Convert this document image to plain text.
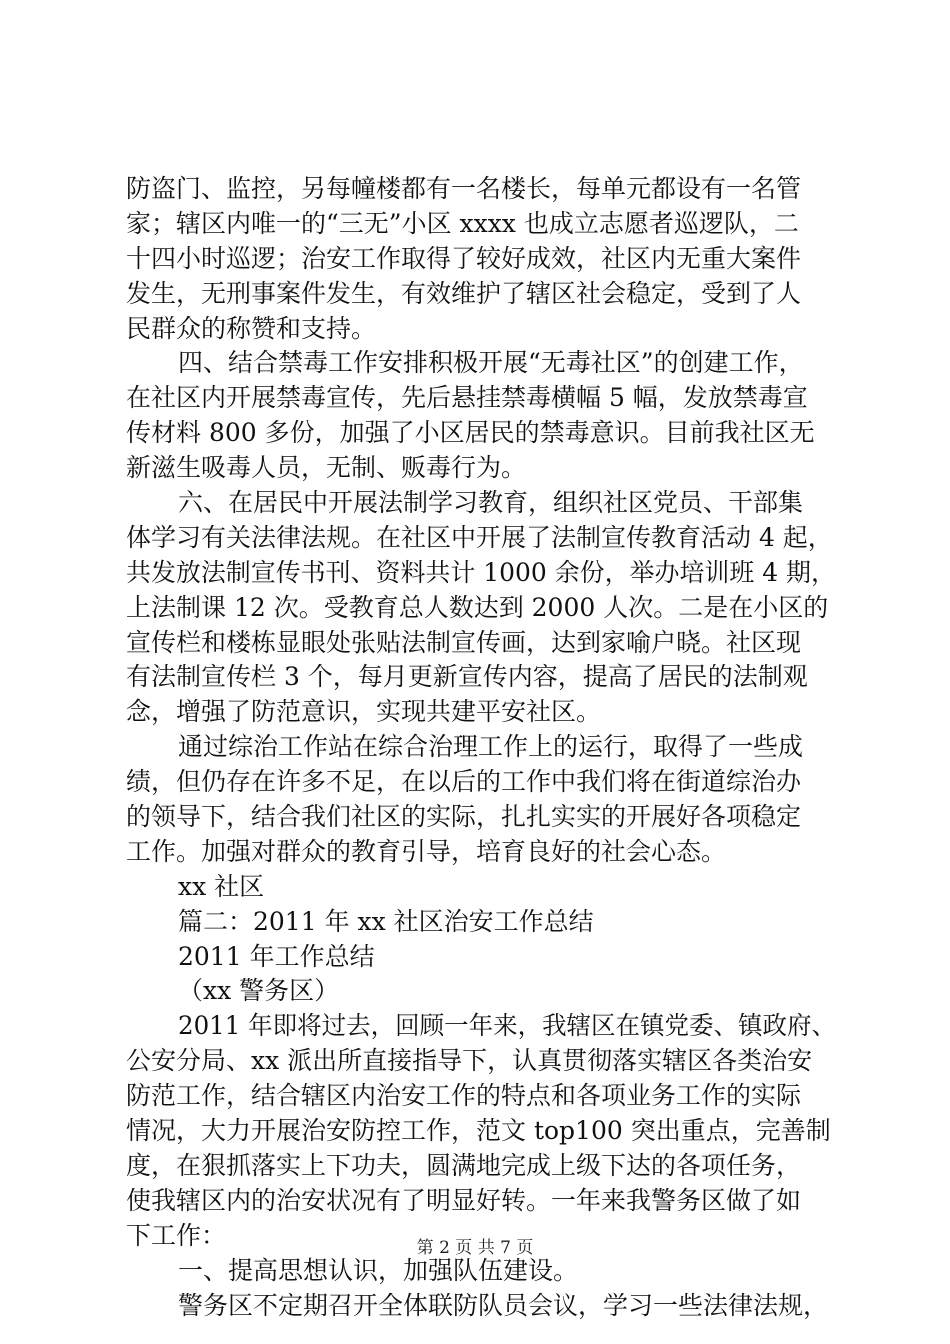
防盗门、监控，另每幢楼都有一名楼长，每单元都设有一名管
家；辖区内唯一的“三无”小区 xxxx 也成立志愿者巡逻队，二
十四小时巡逻；治安工作取得了较好成效，社区内无重大案件
发生，无刑事案件发生，有效维护了辖区社会稳定，受到了人
民群众的称赞和支持。
四、结合禁毒工作安排积极开展“无毒社区”的创建工作，
在社区内开展禁毒宣传，先后悬挂禁毒横幅 5 幅，发放禁毒宣
传材料 800 多份，加强了小区居民的禁毒意识。目前我社区无
新滋生吸毒人员，无制、贩毒行为。
六、在居民中开展法制学习教育，组织社区党员、干部集
体学习有关法律法规。在社区中开展了法制宣传教育活动 4 起，
共发放法制宣传书刊、资料共计 1000 余份，举办培训班 4 期，
上法制课 12 次。受教育总人数达到 2000 人次。二是在小区的
宣传栏和楼栋显眼处张贴法制宣传画，达到家喻户晓。社区现
有法制宣传栏 3 个，每月更新宣传内容，提高了居民的法制观
念，增强了防范意识，实现共建平安社区。
通过综治工作站在综合治理工作上的运行，取得了一些成
绩，但仍存在许多不足，在以后的工作中我们将在街道综治办
的领导下，结合我们社区的实际，扎扎实实的开展好各项稳定
工作。加强对群众的教育引导，培育良好的社会心态。
xx 社区
篇二：2011 年 xx 社区治安工作总结
2011 年工作总结
（xx 警务区）
2011 年即将过去，回顾一年来，我辖区在镇党委、镇政府、
公安分局、xx 派出所直接指导下，认真贯彻落实辖区各类治安
防范工作，结合辖区内治安工作的特点和各项业务工作的实际
情况，大力开展治安防控工作，范文 top100 突出重点，完善制
度，在狠抓落实上下功夫，圆满地完成上级下达的各项任务，
使我辖区内的治安状况有了明显好转。一年来我警务区做了如
下工作：
一、提高思想认识，加强队伍建设。
警务区不定期召开全体联防队员会议，学习一些法律法规，
第 2 页 共 7 页
